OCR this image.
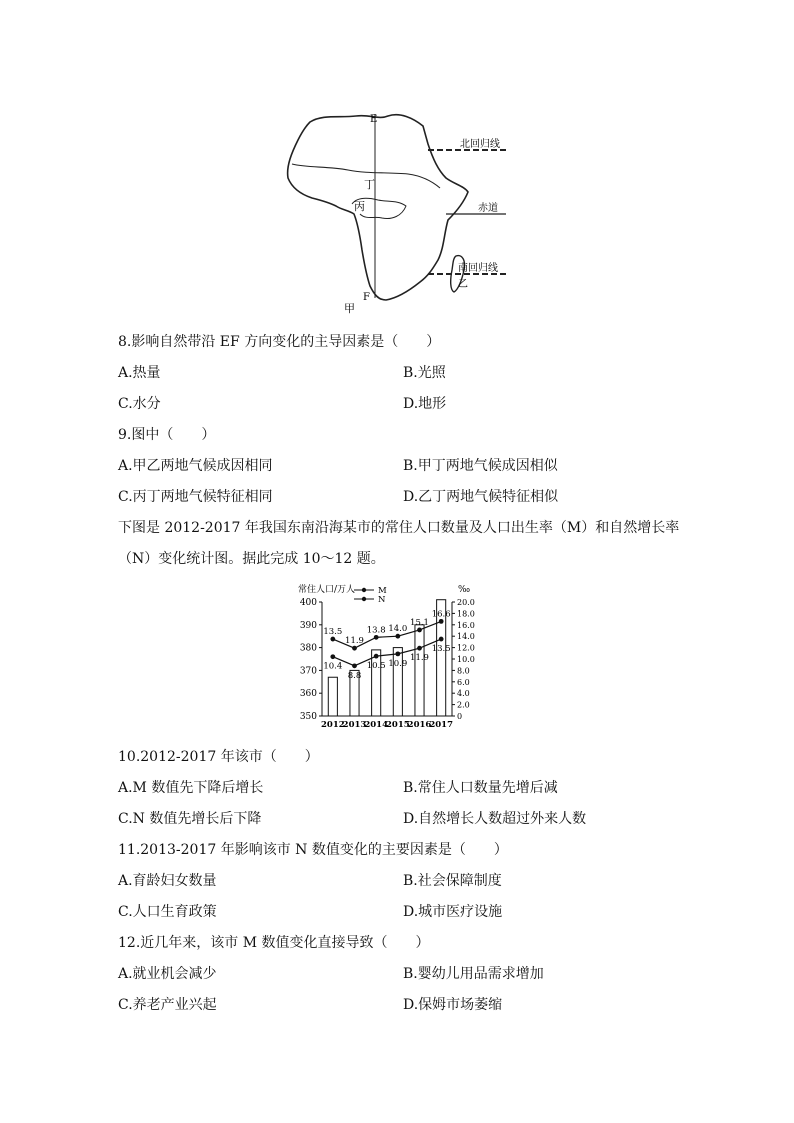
E
丁
丙
F
甲
北回归线
赤道
南回归线
乙
8.影响自然带沿 EF 方向变化的主导因素是（　　）
A.热量	B.光照
C.水分	D.地形
9.图中（　　）
A.甲乙两地气候成因相同	B.甲丁两地气候成因相似
C.丙丁两地气候特征相同	D.乙丁两地气候特征相似
下图是 2012-2017 年我国东南沿海某市的常住人口数量及人口出生率（M）和自然增长率
（N）变化统计图。据此完成 10～12 题。
常住人口/万人	‰
400
390
380
370
360
350
20.0
18.0
16.0
14.0
12.0
10.0
8.0
6.0
4.0
2.0
0
2012
2013
2014
2015
2016
2017
M
N
13.5
11.9
13.8 14.0
15.1
16.6
10.4
8.8
10.5 10.9
11.9
13.5
10.2012-2017 年该市（　　）
A.M 数值先下降后增长	B.常住人口数量先增后减
C.N 数值先增长后下降	D.自然增长人数超过外来人数
11.2013-2017 年影响该市 N 数值变化的主要因素是（　　）
A.育龄妇女数量	B.社会保障制度
C.人口生育政策	D.城市医疗设施
12.近几年来，该市 M 数值变化直接导致（　　）
A.就业机会减少	B.婴幼儿用品需求增加
C.养老产业兴起	D.保姆市场萎缩
